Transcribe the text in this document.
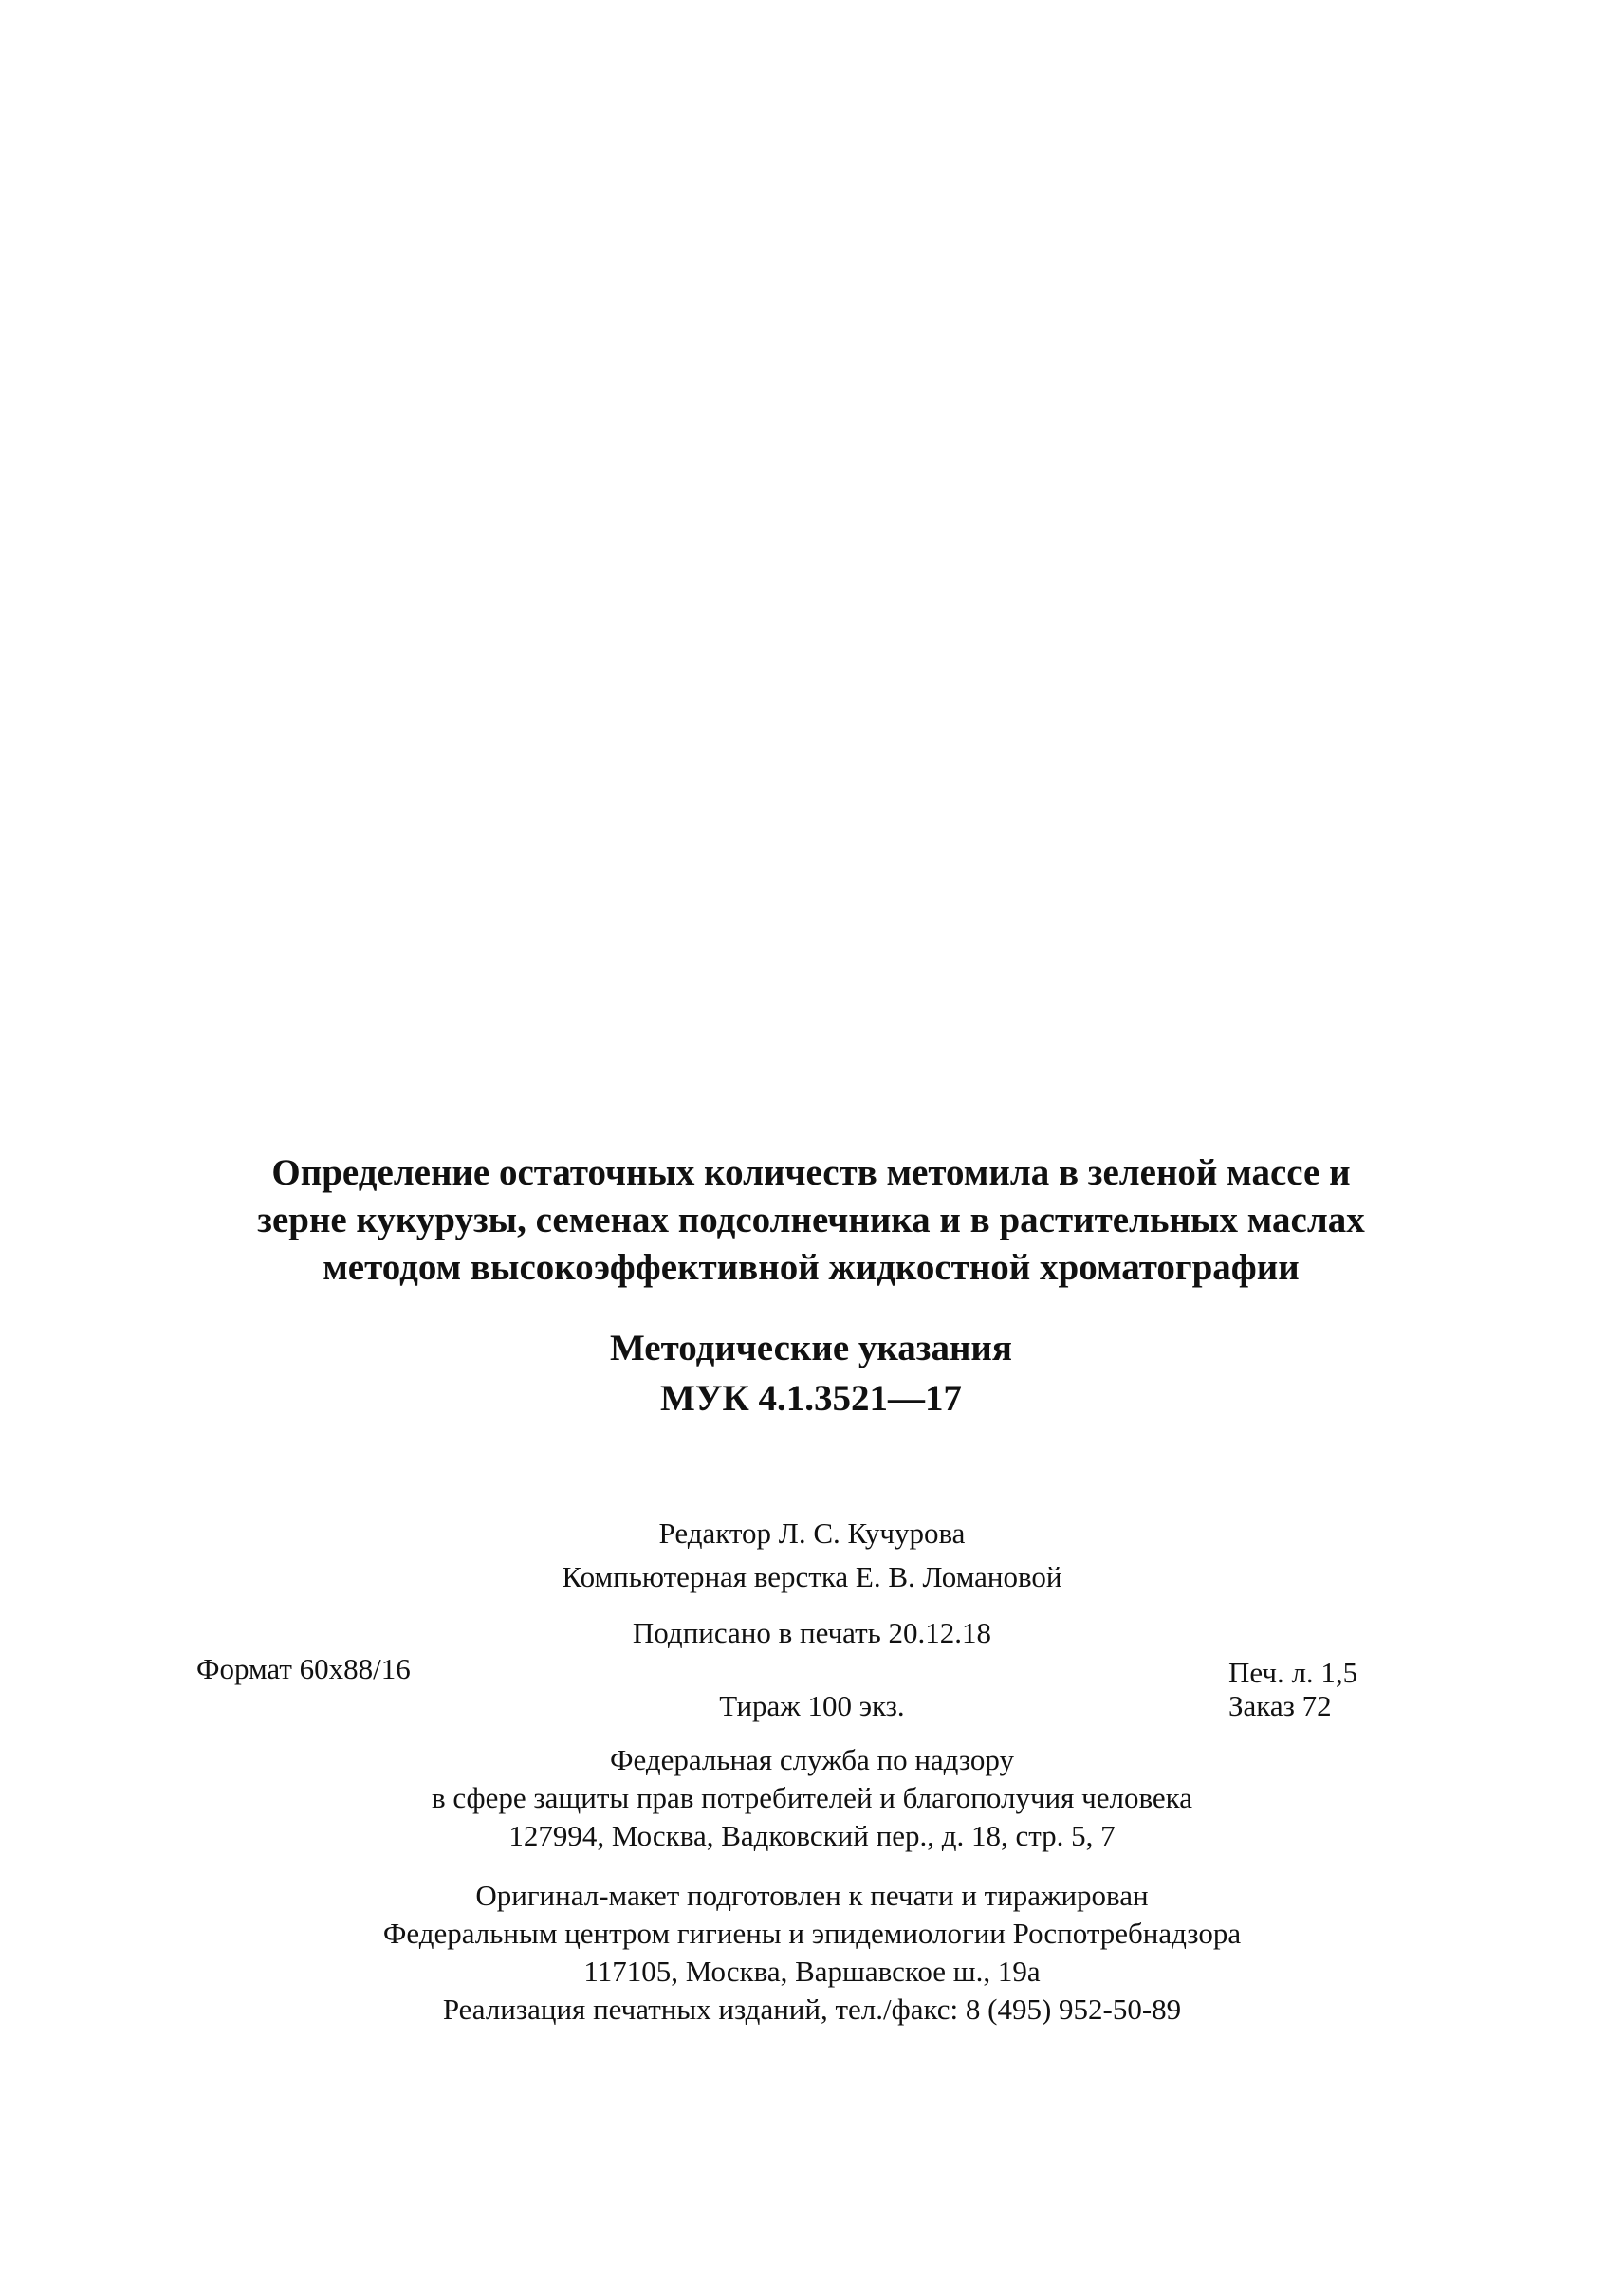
Определение остаточных количеств метомила в зеленой массе и
зерне кукурузы, семенах подсолнечника и в растительных маслах
методом высокоэффективной жидкостной хроматографии
Методические указания
МУК 4.1.3521—17
Редактор Л. С. Кучурова
Компьютерная верстка Е. В. Ломановой
Подписано в печать 20.12.18
Формат 60x88/16	Печ. л. 1,5
Тираж 100 экз.	Заказ 72
Федеральная служба по надзору
в сфере защиты прав потребителей и благополучия человека
127994, Москва, Вадковский пер., д. 18, стр. 5, 7
Оригинал-макет подготовлен к печати и тиражирован
Федеральным центром гигиены и эпидемиологии Роспотребнадзора
117105, Москва, Варшавское ш., 19а
Реализация печатных изданий, тел./факс: 8 (495) 952-50-89
